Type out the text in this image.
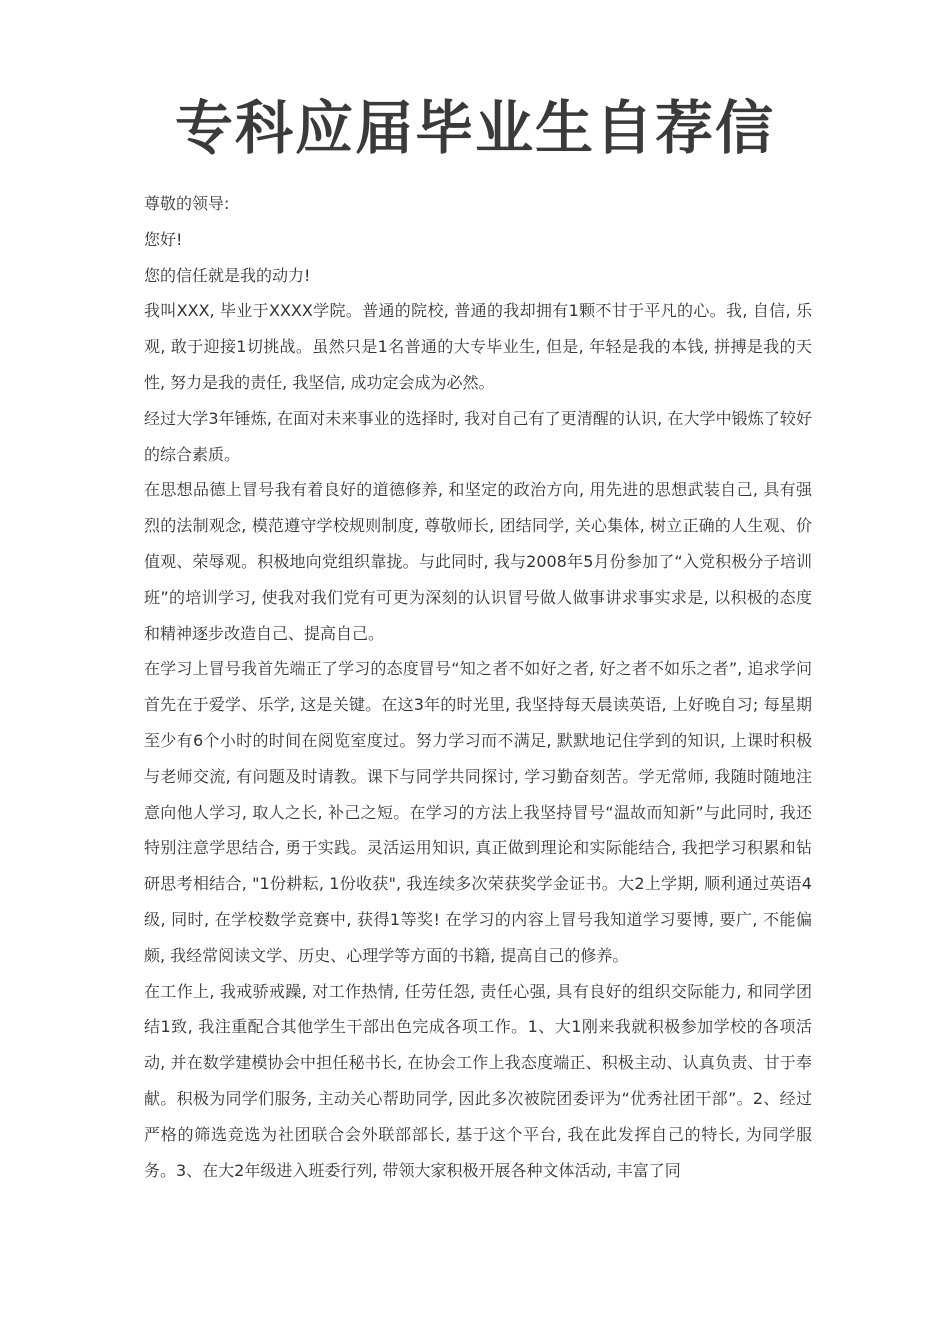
专科应届毕业生自荐信

尊敬的领导:

您好!

您的信任就是我的动力!

我叫XXX, 毕业于XXXX学院。普通的院校, 普通的我却拥有1颗不甘于平凡的心。我, 自信, 乐观, 敢于迎接1切挑战。虽然只是1名普通的大专毕业生, 但是, 年轻是我的本钱, 拼搏是我的天性, 努力是我的责任, 我坚信, 成功定会成为必然。

经过大学3年锤炼, 在面对未来事业的选择时, 我对自己有了更清醒的认识, 在大学中锻炼了较好的综合素质。

在思想品德上冒号我有着良好的道德修养, 和坚定的政治方向, 用先进的思想武装自己, 具有强烈的法制观念, 模范遵守学校规则制度, 尊敬师长, 团结同学, 关心集体, 树立正确的人生观、价值观、荣辱观。积极地向党组织靠拢。与此同时, 我与2008年5月份参加了“入党积极分子培训班”的培训学习, 使我对我们党有可更为深刻的认识冒号做人做事讲求事实求是, 以积极的态度和精神逐步改造自己、提高自己。

在学习上冒号我首先端正了学习的态度冒号“知之者不如好之者, 好之者不如乐之者”, 追求学问首先在于爱学、乐学, 这是关键。在这3年的时光里, 我坚持每天晨读英语, 上好晚自习; 每星期至少有6个小时的时间在阅览室度过。努力学习而不满足, 默默地记住学到的知识, 上课时积极与老师交流, 有问题及时请教。课下与同学共同探讨, 学习勤奋刻苦。学无常师, 我随时随地注意向他人学习, 取人之长, 补己之短。在学习的方法上我坚持冒号“温故而知新”与此同时, 我还特别注意学思结合, 勇于实践。灵活运用知识, 真正做到理论和实际能结合, 我把学习积累和钻研思考相结合, "1份耕耘, 1份收获", 我连续多次荣获奖学金证书。大2上学期, 顺利通过英语4级, 同时, 在学校数学竞赛中, 获得1等奖! 在学习的内容上冒号我知道学习要博, 要广, 不能偏颇, 我经常阅读文学、历史、心理学等方面的书籍, 提高自己的修养。

在工作上, 我戒骄戒躁, 对工作热情, 任劳任怨, 责任心强, 具有良好的组织交际能力, 和同学团结1致, 我注重配合其他学生干部出色完成各项工作。1、大1刚来我就积极参加学校的各项活动, 并在数学建模协会中担任秘书长, 在协会工作上我态度端正、积极主动、认真负责、甘于奉献。积极为同学们服务, 主动关心帮助同学, 因此多次被院团委评为“优秀社团干部”。2、经过严格的筛选竞选为社团联合会外联部部长, 基于这个平台, 我在此发挥自己的特长, 为同学服务。3、在大2年级进入班委行列, 带领大家积极开展各种文体活动, 丰富了同
